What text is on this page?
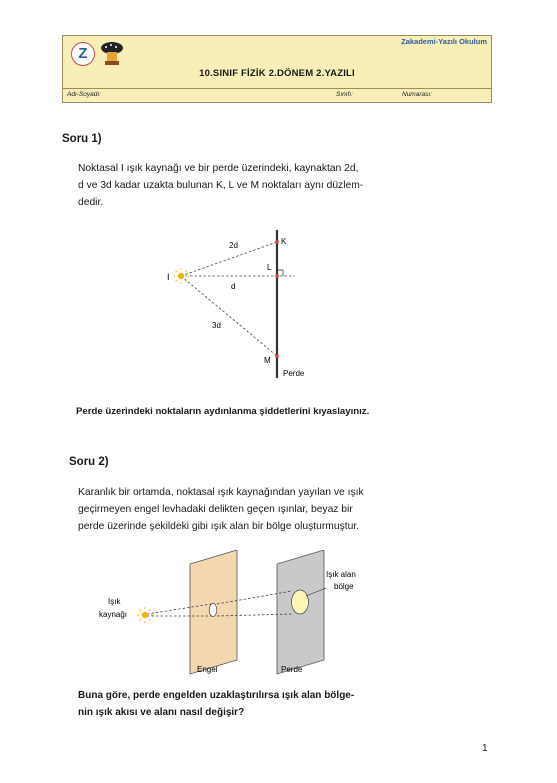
Z
Zakademi-Yazılı Okulum
10.SINIF FİZİK 2.DÖNEM 2.YAZILI
Adı-Soyadı:	Sınıfı:	Numarası:
Soru 1)
Noktasal I ışık kaynağı ve bir perde üzerindeki, kaynaktan 2d,
d ve 3d kadar uzakta bulunan K, L ve M noktaları aynı düzlem-
dedir.
I
K
L
M
2d
d
3d
Perde
Perde üzerindeki noktaların aydınlanma şiddetlerini kıyaslayınız.
Soru 2)
Karanlık bir ortamda, noktasal ışık kaynağından yayılan ve ışık
geçirmeyen engel levhadaki delikten geçen ışınlar, beyaz bir
perde üzerinde şekildeki gibi ışık alan bir bölge oluşturmuştur.
Işık
kaynağı
Işık alan
bölge
Engel	Perde
Buna göre, perde engelden uzaklaştırılırsa ışık alan bölge-
nin ışık akısı ve alanı nasıl değişir?
1
